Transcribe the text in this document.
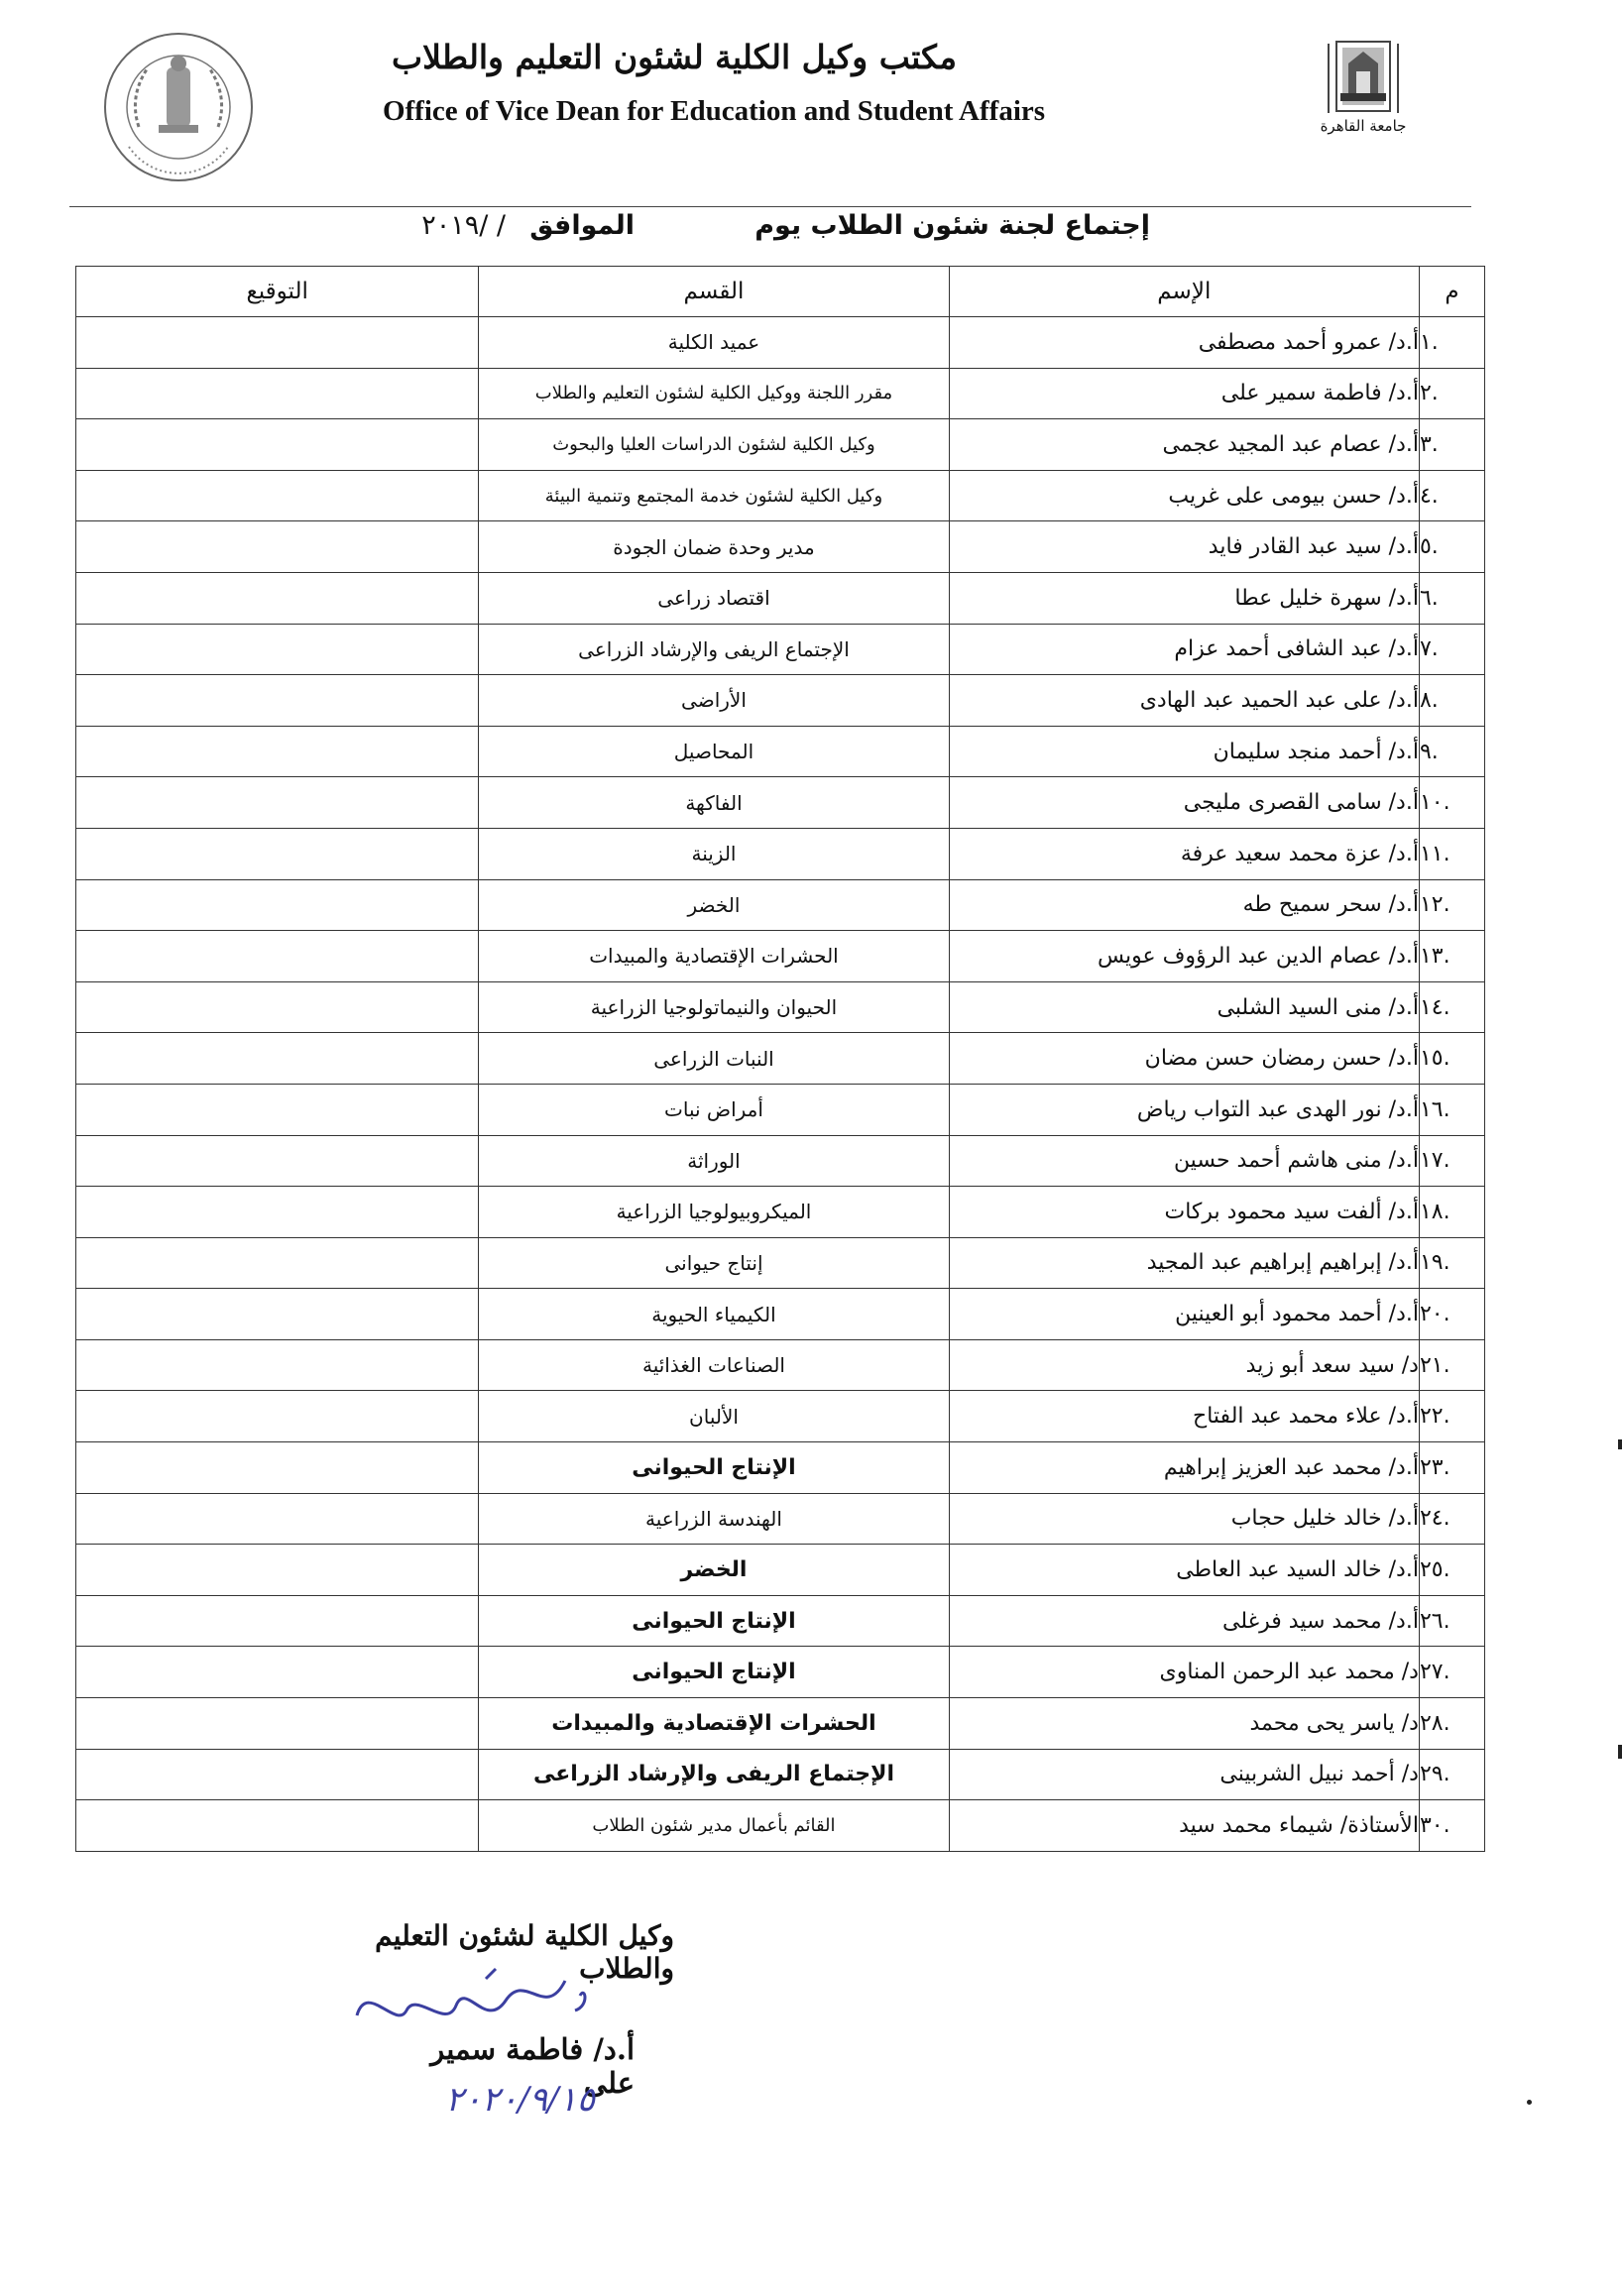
جامعة القاهرة
مكتب وكيل الكلية لشئون التعليم والطلاب
Office of Vice Dean for Education and Student Affairs
إجتماع لجنة شئون الطلاب يوم
الموافق
/ /٢٠١٩
م	الإسم	القسم	التوقيع
.١	أ.د/ عمرو أحمد مصطفى	عميد الكلية	
.٢	أ.د/ فاطمة سمير على	مقرر اللجنة ووكيل الكلية لشئون التعليم والطلاب	
.٣	أ.د/ عصام عبد المجيد عجمى	وكيل الكلية لشئون الدراسات العليا والبحوث	
.٤	أ.د/ حسن بيومى على غريب	وكيل الكلية لشئون خدمة المجتمع وتنمية البيئة	
.٥	أ.د/ سيد عبد القادر فايد	مدير وحدة ضمان الجودة	
.٦	أ.د/ سهرة خليل عطا	اقتصاد زراعى	
.٧	أ.د/ عبد الشافى أحمد عزام	الإجتماع الريفى والإرشاد الزراعى	
.٨	أ.د/ على عبد الحميد عبد الهادى	الأراضى	
.٩	أ.د/ أحمد منجد سليمان	المحاصيل	
.١٠	أ.د/ سامى القصرى مليجى	الفاكهة	
.١١	أ.د/ عزة محمد سعيد عرفة	الزينة	
.١٢	أ.د/ سحر سميح طه	الخضر	
.١٣	أ.د/ عصام الدين عبد الرؤوف عويس	الحشرات الإقتصادية والمبيدات	
.١٤	أ.د/ منى السيد الشلبى	الحيوان والنيماتولوجيا الزراعية	
.١٥	أ.د/ حسن رمضان حسن مضان	النبات الزراعى	
.١٦	أ.د/ نور الهدى عبد التواب رياض	أمراض نبات	
.١٧	أ.د/ منى هاشم أحمد حسين	الوراثة	
.١٨	أ.د/ ألفت سيد محمود بركات	الميكروبيولوجيا الزراعية	
.١٩	أ.د/ إبراهيم إبراهيم عبد المجيد	إنتاج حيوانى	
.٢٠	أ.د/ أحمد محمود أبو العينين	الكيمياء الحيوية	
.٢١	د/ سيد سعد أبو زيد	الصناعات الغذائية	
.٢٢	أ.د/ علاء محمد عبد الفتاح	الألبان	
.٢٣	أ.د/ محمد عبد العزيز إبراهيم	الإنتاج الحيوانى	
.٢٤	أ.د/ خالد خليل حجاب	الهندسة الزراعية	
.٢٥	أ.د/ خالد السيد عبد العاطى	الخضر	
.٢٦	أ.د/ محمد سيد فرغلى	الإنتاج الحيوانى	
.٢٧	د/ محمد عبد الرحمن المناوى	الإنتاج الحيوانى	
.٢٨	د/ ياسر يحى محمد	الحشرات الإقتصادية والمبيدات	
.٢٩	د/ أحمد نبيل الشربينى	الإجتماع الريفى والإرشاد الزراعى	
.٣٠	الأستاذة/ شيماء محمد سيد	القائم بأعمال مدير شئون الطلاب	
وكيل الكلية لشئون التعليم والطلاب
أ.د/ فاطمة سمير على
٢٠٢٠/٩/١٥
